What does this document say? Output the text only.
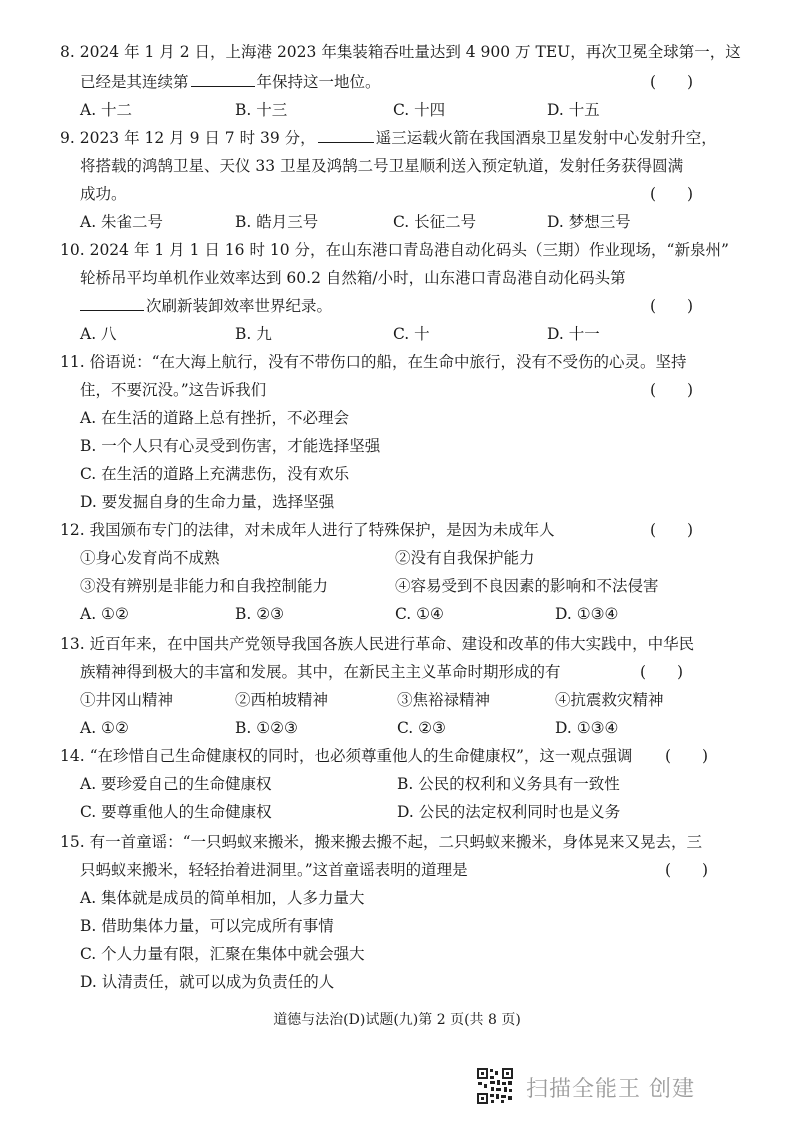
8. 2024 年 1 月 2 日，上海港 2023 年集装箱吞吐量达到 4 900 万 TEU，再次卫冕全球第一，这
已经是其连续第	年保持这一地位。	(　　)
A. 十二	B. 十三	C. 十四	D. 十五
9. 2023 年 12 月 9 日 7 时 39 分，	遥三运载火箭在我国酒泉卫星发射中心发射升空，
将搭载的鸿鹄卫星、天仪 33 卫星及鸿鹄二号卫星顺利送入预定轨道，发射任务获得圆满
成功。	(　　)
A. 朱雀二号	B. 皓月三号	C. 长征二号	D. 梦想三号
10. 2024 年 1 月 1 日 16 时 10 分，在山东港口青岛港自动化码头（三期）作业现场，“新泉州”
轮桥吊平均单机作业效率达到 60.2 自然箱/小时，山东港口青岛港自动化码头第
次刷新装卸效率世界纪录。	(　　)
A. 八	B. 九	C. 十	D. 十一
11. 俗语说：“在大海上航行，没有不带伤口的船，在生命中旅行，没有不受伤的心灵。坚持
住，不要沉没。”这告诉我们	(　　)
A. 在生活的道路上总有挫折，不必理会
B. 一个人只有心灵受到伤害，才能选择坚强
C. 在生活的道路上充满悲伤，没有欢乐
D. 要发掘自身的生命力量，选择坚强
12. 我国颁布专门的法律，对未成年人进行了特殊保护，是因为未成年人	(　　)
①身心发育尚不成熟	②没有自我保护能力
③没有辨别是非能力和自我控制能力	④容易受到不良因素的影响和不法侵害
A. ①②	B. ②③	C. ①④	D. ①③④
13. 近百年来，在中国共产党领导我国各族人民进行革命、建设和改革的伟大实践中，中华民
族精神得到极大的丰富和发展。其中，在新民主主义革命时期形成的有	(　　)
①井冈山精神	②西柏坡精神	③焦裕禄精神	④抗震救灾精神
A. ①②	B. ①②③	C. ②③	D. ①③④
14. “在珍惜自己生命健康权的同时，也必须尊重他人的生命健康权”，这一观点强调 (　　)
A. 要珍爱自己的生命健康权	B. 公民的权利和义务具有一致性
C. 要尊重他人的生命健康权	D. 公民的法定权利同时也是义务
15. 有一首童谣：“一只蚂蚁来搬米，搬来搬去搬不起，二只蚂蚁来搬米，身体晃来又晃去，三
只蚂蚁来搬米，轻轻抬着进洞里。”这首童谣表明的道理是	(　　)
A. 集体就是成员的简单相加，人多力量大
B. 借助集体力量，可以完成所有事情
C. 个人力量有限，汇聚在集体中就会强大
D. 认清责任，就可以成为负责任的人
道德与法治(D)试题(九)第 2 页(共 8 页)
扫描全能王 创建
